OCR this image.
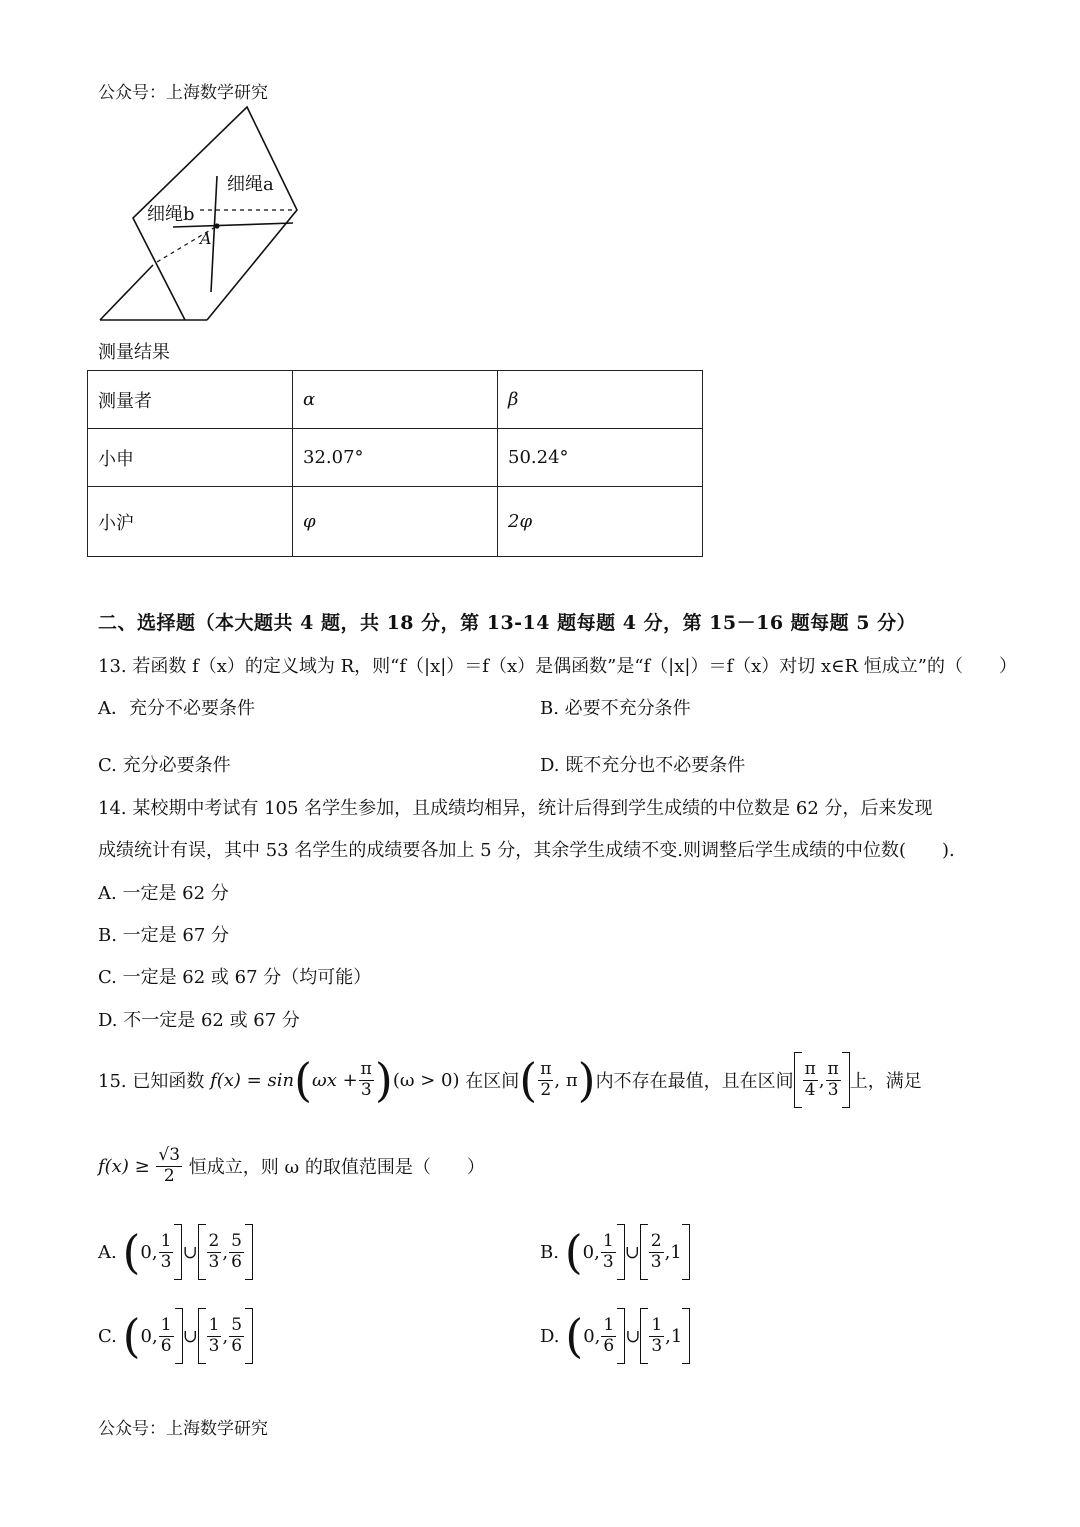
公众号：上海数学研究
细绳a
细绳b
A
测量结果
测量者	α	β
小申	32.07°	50.24°
小沪	φ	2φ
二、选择题（本大题共 4 题，共 18 分，第 13-14 题每题 4 分，第 15－16 题每题 5 分）
13. 若函数 f（x）的定义域为 R，则“f（|x|）＝f（x）是偶函数”是“f（|x|）＝f（x）对切 x∈R 恒成立”的（　　）
A．充分不必要条件	B. 必要不充分条件
C. 充分必要条件	D. 既不充分也不必要条件
14. 某校期中考试有 105 名学生参加，且成绩均相异，统计后得到学生成绩的中位数是 62 分，后来发现
成绩统计有误，其中 53 名学生的成绩要各加上 5 分，其余学生成绩不变.则调整后学生成绩的中位数(　　).
A. 一定是 62 分
B. 一定是 67 分
C. 一定是 62 或 67 分（均可能）
D. 不一定是 62 或 67 分
15. 已知函数
f(x) = sin ( $\omega x + \frac{\pi}{3}$ ) (ω > 0)
在区间 ( $\frac{\pi}{2}$ , π ) 内不存在最值，且在区间 $\frac{\pi}{4}$ , $\frac{\pi}{3}$ 上，满足
f(x) ≥
$\frac{√3}{2}$
恒成立，则 ω 的取值范围是（　　）
A.
( 0, $\frac{1}{3}$ ∪ $\frac{2}{3}$ , $\frac{5}{6}$	B.
( 0, $\frac{1}{3}$ ∪ $\frac{2}{3} ,1$
C.
( 0, $\frac{1}{6}$ ∪ $\frac{1}{3}$ , $\frac{5}{6}$	D.
( 0, $\frac{1}{6}$ ∪ $\frac{1}{3} ,1$
公众号：上海数学研究
